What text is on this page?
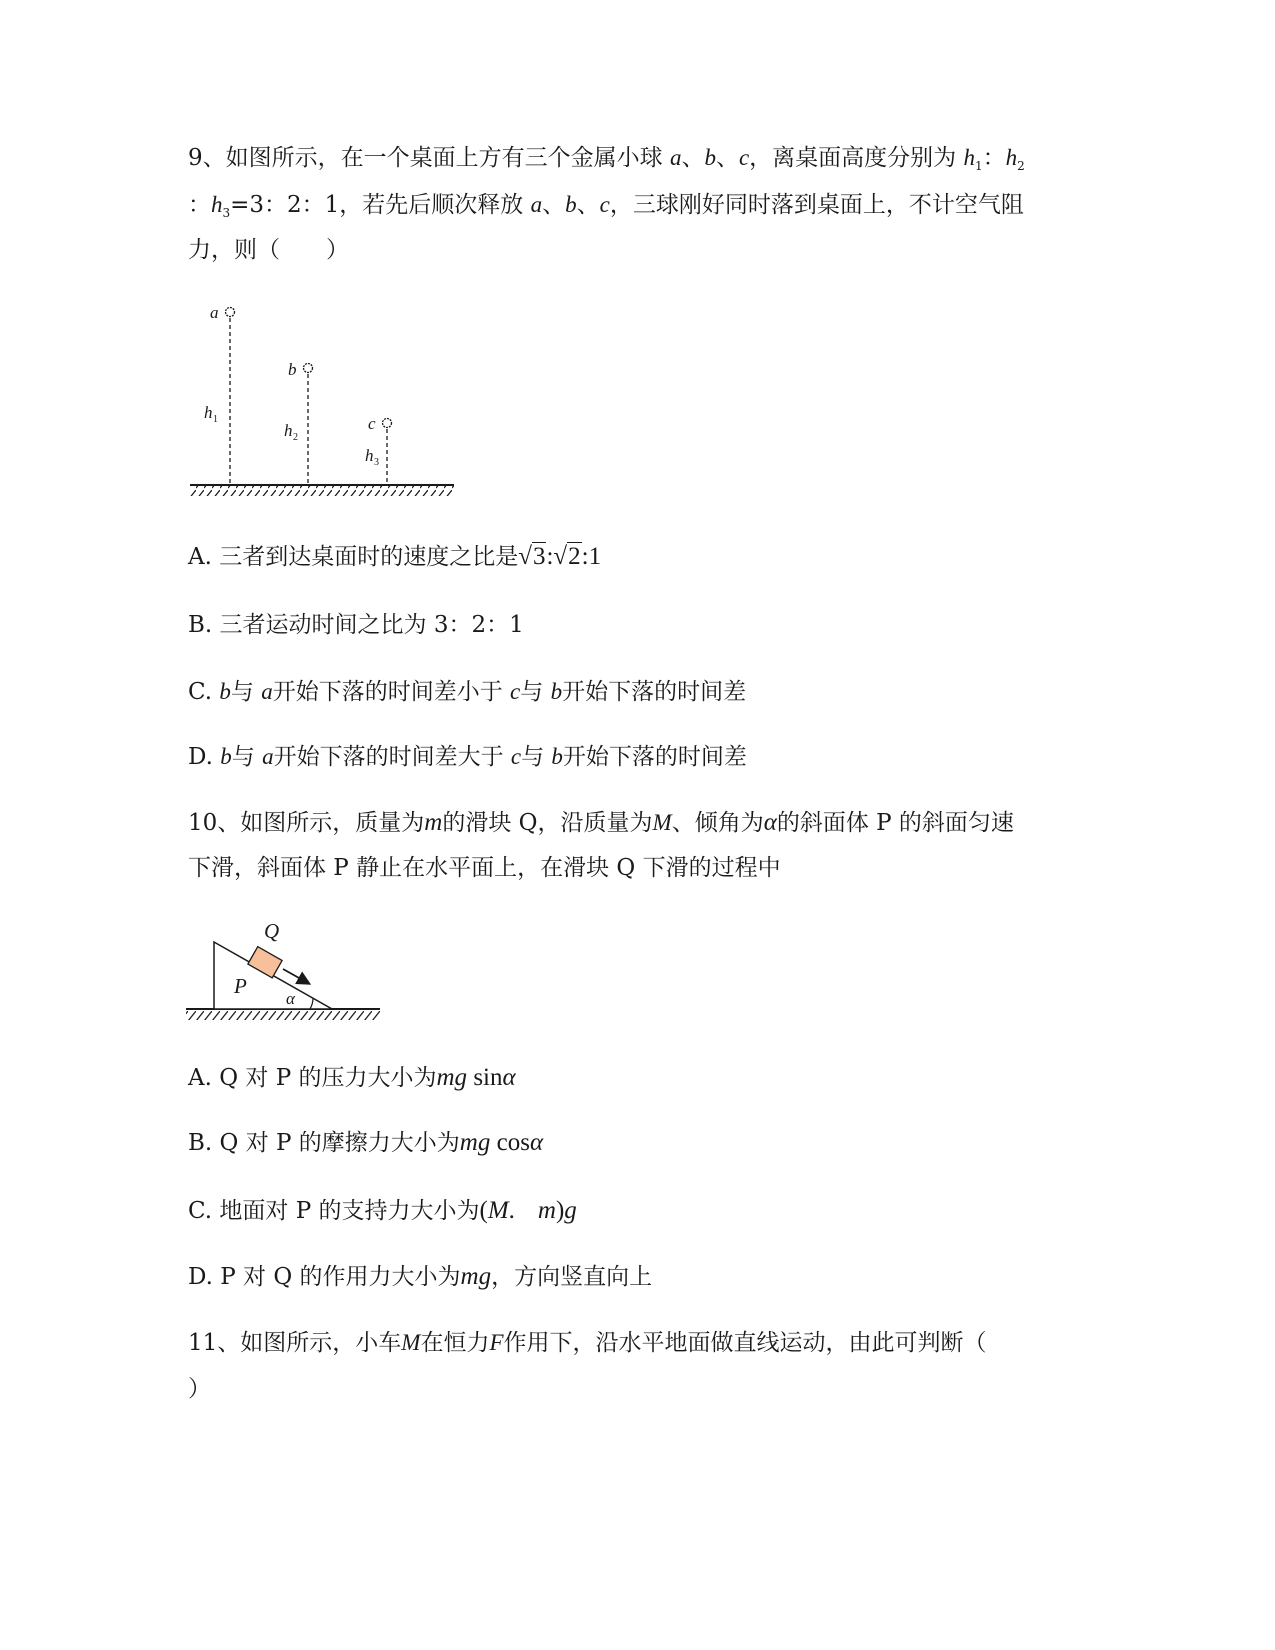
9、如图所示，在一个桌面上方有三个金属小球 a、b、c，离桌面高度分别为 $h_1$：$h_2$
：$h_3=3$：2：1，若先后顺次释放 a、b、c，三球刚好同时落到桌面上，不计空气阻
力，则（　　）
a
h 1
b
h 2
c
h 3
A. 三者到达桌面时的速度之比是√3:√2:1
B. 三者运动时间之比为 3：2：1
C. b与 a开始下落的时间差小于 c与 b开始下落的时间差
D. b与 a开始下落的时间差大于 c与 b开始下落的时间差
10、如图所示，质量为m的滑块 Q，沿质量为M、倾角为α的斜面体 P 的斜面匀速
下滑，斜面体 P 静止在水平面上，在滑块 Q 下滑的过程中
Q
P
α
A. Q 对 P 的压力大小为mg sinα
B. Q 对 P 的摩擦力大小为mg cosα
C. 地面对 P 的支持力大小为(M.  m)g
D. P 对 Q 的作用力大小为mg，方向竖直向上
11、如图所示，小车M在恒力F作用下，沿水平地面做直线运动，由此可判断（
）
